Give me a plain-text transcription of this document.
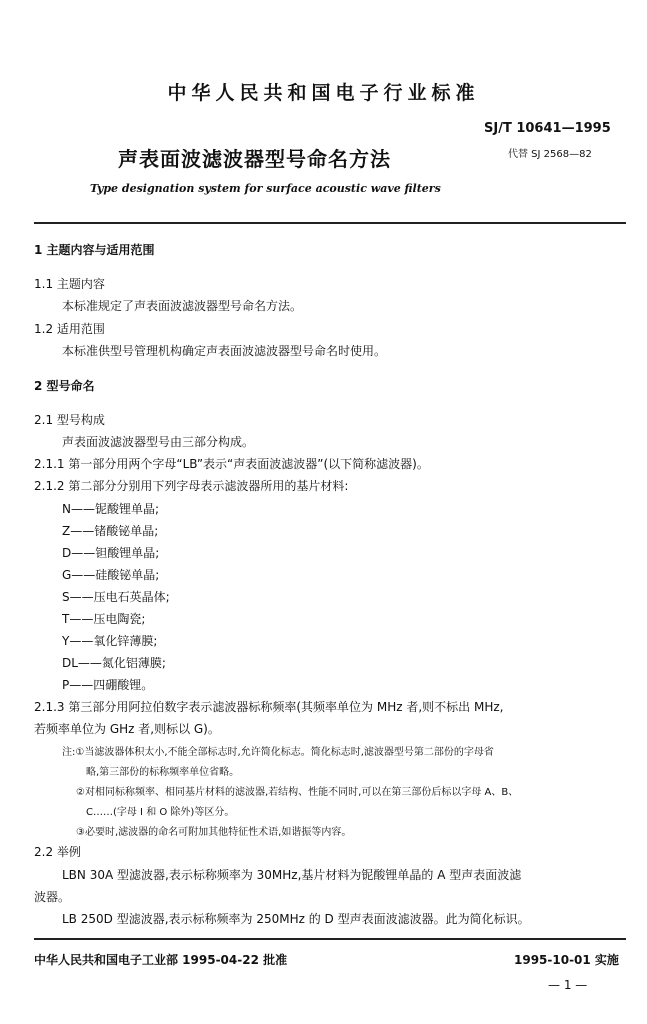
中华人民共和国电子行业标准
SJ/T 10641—1995
声表面波滤波器型号命名方法	代替 SJ 2568—82
Type designation system for surface acoustic wave filters
1 主题内容与适用范围
1.1 主题内容
本标准规定了声表面波滤波器型号命名方法。
1.2 适用范围
本标准供型号管理机构确定声表面波滤波器型号命名时使用。
2 型号命名
2.1 型号构成
声表面波滤波器型号由三部分构成。
2.1.1 第一部分用两个字母“LB”表示“声表面波滤波器”(以下简称滤波器)。
2.1.2 第二部分分别用下列字母表示滤波器所用的基片材料:
N——铌酸锂单晶;
Z——锗酸铋单晶;
D——钽酸锂单晶;
G——硅酸铋单晶;
S——压电石英晶体;
T——压电陶瓷;
Y——氧化锌薄膜;
DL——氮化铝薄膜;
P——四硼酸锂。
2.1.3 第三部分用阿拉伯数字表示滤波器标称频率(其频率单位为 MHz 者,则不标出 MHz,
若频率单位为 GHz 者,则标以 G)。
注:①当滤波器体积太小,不能全部标志时,允许简化标志。简化标志时,滤波器型号第二部份的字母省
略,第三部份的标称频率单位省略。
②对相同标称频率、相同基片材料的滤波器,若结构、性能不同时,可以在第三部份后标以字母 A、B、
C……(字母 I 和 O 除外)等区分。
③必要时,滤波器的命名可附加其他特征性术语,如谐振等内容。
2.2 举例
LBN 30A 型滤波器,表示标称频率为 30MHz,基片材料为铌酸锂单晶的 A 型声表面波滤
波器。
LB 250D 型滤波器,表示标称频率为 250MHz 的 D 型声表面波滤波器。此为简化标识。
中华人民共和国电子工业部 1995-04-22 批准	1995-10-01 实施
— 1 —
